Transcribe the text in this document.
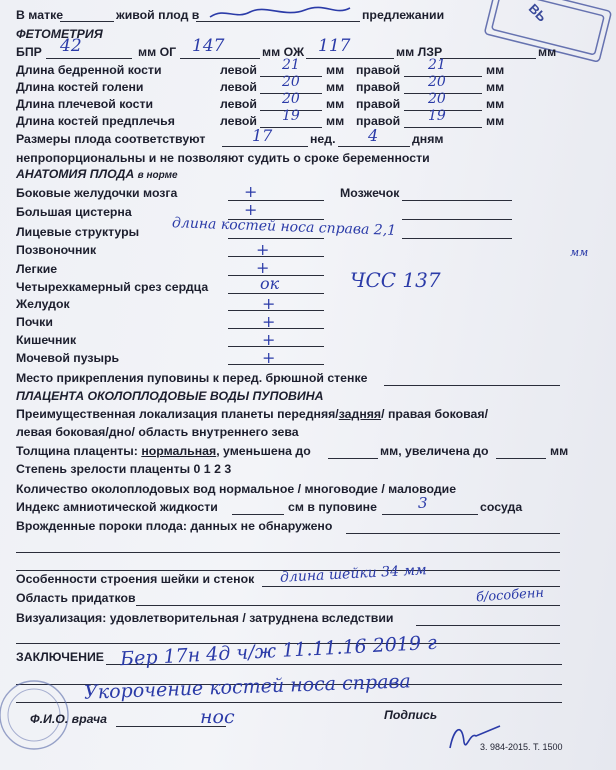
ВЬ
В матке	живой плод в	предлежании
ФЕТОМЕТРИЯ
БПР 42	мм ОГ 147	мм ОЖ 117	мм ЛЗР	мм
Длина бедренной кости	левой 21 мм правой 21	мм
Длина костей голени	левой 20 мм правой 20	мм
Длина плечевой кости	левой 20 мм правой 20	мм
Длина костей предплечья	левой 19 мм правой 19	мм
Размеры плода соответствуют	17	нед. 4	дням
непропорциональны и не позволяют судить о сроке беременности
АНАТОМИЯ ПЛОДА в норме
Боковые желудочки мозга	+	Мозжечок
Большая цистерна	+
Лицевые структуры длина костей носа справа 2,1
мм
Позвоночник	+
Легкие	+
Четырехкамерный срез сердца	ок	ЧСС 137
Желудок	+
Почки	+
Кишечник	+
Мочевой пузырь	+
Место прикрепления пуповины к перед. брюшной стенке
ПЛАЦЕНТА ОКОЛОПЛОДОВЫЕ ВОДЫ ПУПОВИНА
Преимущественная локализация планеты передняя/задняя/ правая боковая/
левая боковая/дно/ область внутреннего зева
Толщина плаценты: нормальная, уменьшена до	мм, увеличена до	мм
Степень зрелости плаценты 0 1 2 3
Количество околоплодовых вод нормальное / многоводие / маловодие
Индекс амниотической жидкости	см в пуповине	3	сосуда
Врожденные пороки плода: данных не обнаружено
Особенности строения шейки и стенок длина шейки 34 мм
Область придатков	б/особенн
Визуализация: удовлетворительная / затруднена вследствии
ЗАКЛЮЧЕНИЕ Бер 17н 4д ч/ж 11.11.16 2019 г
Укорочение костей носа справа
нос
Ф.И.О. врача	Подпись
3. 984-2015. Т. 1500
